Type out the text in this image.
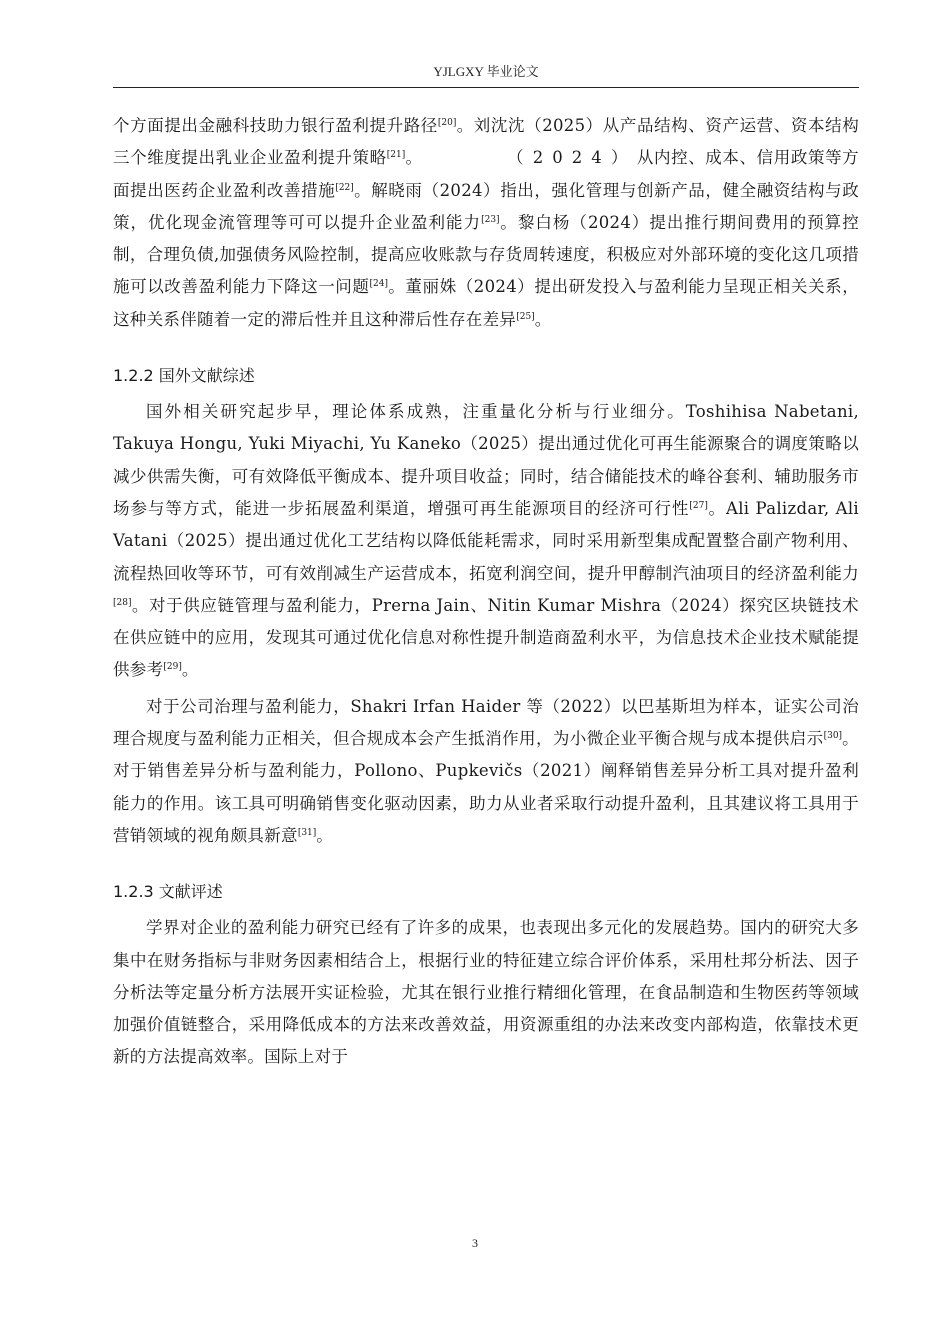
YJLGXY 毕业论文

个方面提出金融科技助力银行盈利提升路径[20]。刘沈沈（2025）从产品结构、资产运营、资本结构三个维度提出乳业企业盈利提升策略[21]。	（2024）从内控、成本、信用政策等方面提出医药企业盈利改善措施[22]。解晓雨（2024）指出，强化管理与创新产品，健全融资结构与政策，优化现金流管理等可可以提升企业盈利能力[23]。黎白杨（2024）提出推行期间费用的预算控制，合理负债,加强债务风险控制，提高应收账款与存货周转速度，积极应对外部环境的变化这几项措施可以改善盈利能力下降这一问题[24]。董丽姝（2024）提出研发投入与盈利能力呈现正相关关系，这种关系伴随着一定的滞后性并且这种滞后性存在差异[25]。

1.2.2 国外文献综述

国外相关研究起步早，理论体系成熟，注重量化分析与行业细分。Toshihisa Nabetani, Takuya Hongu, Yuki Miyachi, Yu Kaneko（2025）提出通过优化可再生能源聚合的调度策略以减少供需失衡，可有效降低平衡成本、提升项目收益；同时，结合储能技术的峰谷套利、辅助服务市场参与等方式，能进一步拓展盈利渠道，增强可再生能源项目的经济可行性[27]。Ali Palizdar, Ali Vatani（2025）提出通过优化工艺结构以降低能耗需求，同时采用新型集成配置整合副产物利用、流程热回收等环节，可有效削减生产运营成本，拓宽利润空间，提升甲醇制汽油项目的经济盈利能力[28]。对于供应链管理与盈利能力，Prerna Jain、Nitin Kumar Mishra（2024）探究区块链技术在供应链中的应用，发现其可通过优化信息对称性提升制造商盈利水平，为信息技术企业技术赋能提供参考[29]。

对于公司治理与盈利能力，Shakri Irfan Haider 等（2022）以巴基斯坦为样本，证实公司治理合规度与盈利能力正相关，但合规成本会产生抵消作用，为小微企业平衡合规与成本提供启示[30]。对于销售差异分析与盈利能力，Pollono、Pupkevičs（2021）阐释销售差异分析工具对提升盈利能力的作用。该工具可明确销售变化驱动因素，助力从业者采取行动提升盈利，且其建议将工具用于营销领域的视角颇具新意[31]。

1.2.3 文献评述

学界对企业的盈利能力研究已经有了许多的成果，也表现出多元化的发展趋势。国内的研究大多集中在财务指标与非财务因素相结合上，根据行业的特征建立综合评价体系，采用杜邦分析法、因子分析法等定量分析方法展开实证检验，尤其在银行业推行精细化管理，在食品制造和生物医药等领域加强价值链整合，采用降低成本的方法来改善效益，用资源重组的办法来改变内部构造，依靠技术更新的方法提高效率。国际上对于

3
